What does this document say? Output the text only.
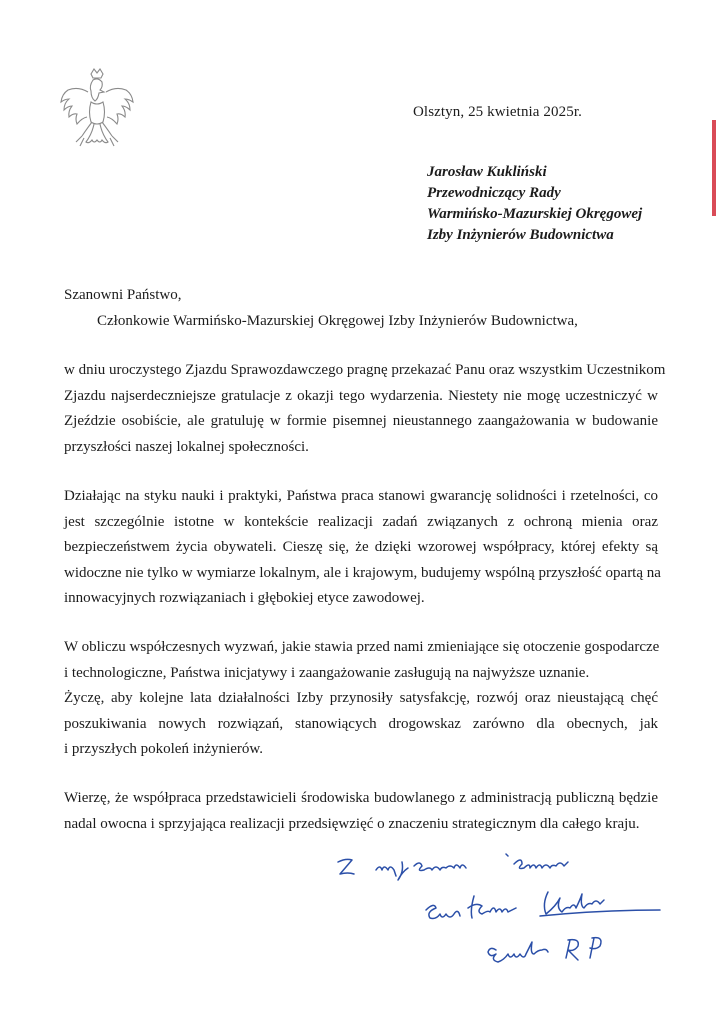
Olsztyn, 25 kwietnia 2025r.
Jarosław Kukliński
Przewodniczący Rady
Warmińsko-Mazurskiej Okręgowej
Izby Inżynierów Budownictwa
Szanowni Państwo,
Członkowie Warmińsko-Mazurskiej Okręgowej Izby Inżynierów Budownictwa,
w dniu uroczystego Zjazdu Sprawozdawczego pragnę przekazać Panu oraz wszystkim Uczestnikom
Zjazdu najserdeczniejsze gratulacje z okazji tego wydarzenia. Niestety nie mogę uczestniczyć w
Zjeździe osobiście, ale gratuluję w formie pisemnej nieustannego zaangażowania w budowanie
przyszłości naszej lokalnej społeczności.
Działając na styku nauki i praktyki, Państwa praca stanowi gwarancję solidności i rzetelności, co
jest szczególnie istotne w kontekście realizacji zadań związanych z ochroną mienia oraz
bezpieczeństwem życia obywateli. Cieszę się, że dzięki wzorowej współpracy, której efekty są
widoczne nie tylko w wymiarze lokalnym, ale i krajowym, budujemy wspólną przyszłość opartą na
innowacyjnych rozwiązaniach i głębokiej etyce zawodowej.
W obliczu współczesnych wyzwań, jakie stawia przed nami zmieniające się otoczenie gospodarcze
i technologiczne, Państwa inicjatywy i zaangażowanie zasługują na najwyższe uznanie.
Życzę, aby kolejne lata działalności Izby przynosiły satysfakcję, rozwój oraz nieustającą chęć
poszukiwania nowych rozwiązań, stanowiących drogowskaz zarówno dla obecnych, jak
i przyszłych pokoleń inżynierów.
Wierzę, że współpraca przedstawicieli środowiska budowlanego z administracją publiczną będzie
nadal owocna i sprzyjająca realizacji przedsięwzięć o znaczeniu strategicznym dla całego kraju.
